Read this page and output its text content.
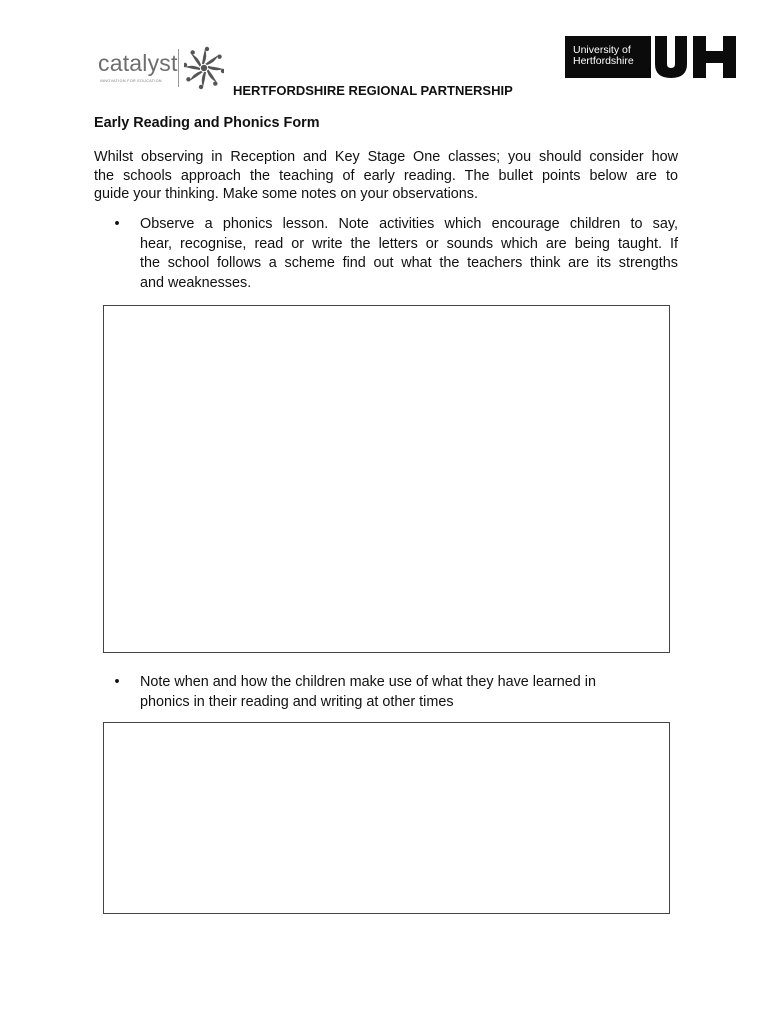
catalyst
INNOVATION FOR EDUCATION
University of
Hertfordshire
HERTFORDSHIRE REGIONAL PARTNERSHIP
Early Reading and Phonics Form
Whilst observing in Reception and Key Stage One classes; you should consider how
the schools approach the teaching of early reading. The bullet points below are to
guide your thinking. Make some notes on your observations.
• Observe a phonics lesson. Note activities which encourage children to say,
hear, recognise, read or write the letters or sounds which are being taught. If
the school follows a scheme find out what the teachers think are its strengths
and weaknesses.
• Note when and how the children make use of what they have learned in
phonics in their reading and writing at other times
